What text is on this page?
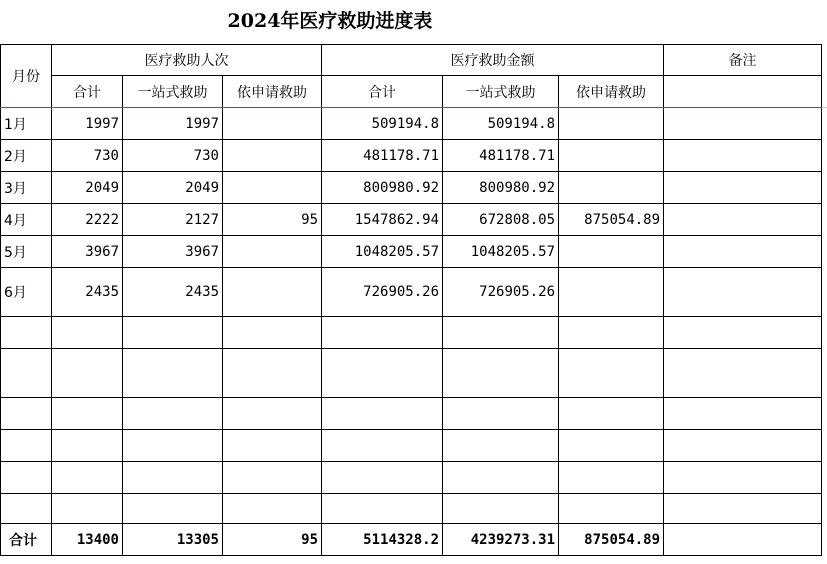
2024年医疗救助进度表
月份	医疗救助人次			医疗救助金额			备注
	合计	一站式救助	依申请救助	合计	一站式救助	依申请救助	
1月	1997	1997		509194.8	509194.8		
2月	730	730		481178.71	481178.71		
3月	2049	2049		800980.92	800980.92		
4月	2222	2127	95	1547862.94	672808.05	875054.89	
5月	3967	3967		1048205.57	1048205.57		
6月	2435	2435		726905.26	726905.26		

合计	13400	13305	95	5114328.2	4239273.31	875054.89	
